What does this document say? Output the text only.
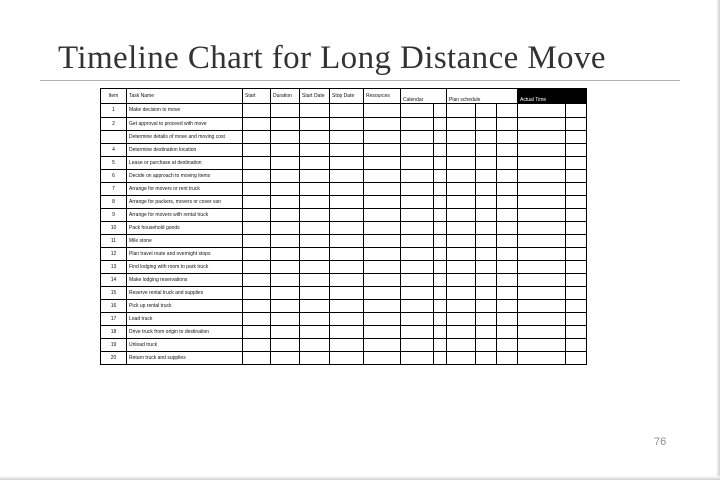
Timeline Chart for Long Distance Move
Item	Task Name	Start	Duration	Start Date	Stop Date	Resources	Calendar		Plan schedule			Actual Time	
1	Make decision to move												
2	Get approval to proceed with move												
	Determine details of move and moving cost												
4	Determine destination location												
5	Lease or purchase at destination												
6	Decide on approach to moving items												
7	Arrange for movers or rent truck												
8	Arrange for packers, movers or cover van												
9	Arrange for movers with rental truck												
10	Pack household goods												
11	Mile stone												
12	Plan travel route and overnight stops												
13	Find lodging with room to park truck												
14	Make lodging reservations												
15	Reserve rental truck and supplies												
16	Pick up rental truck												
17	Load truck												
18	Drive truck from origin to destination												
19	Unload truck												
20	Return truck and supplies												
76
